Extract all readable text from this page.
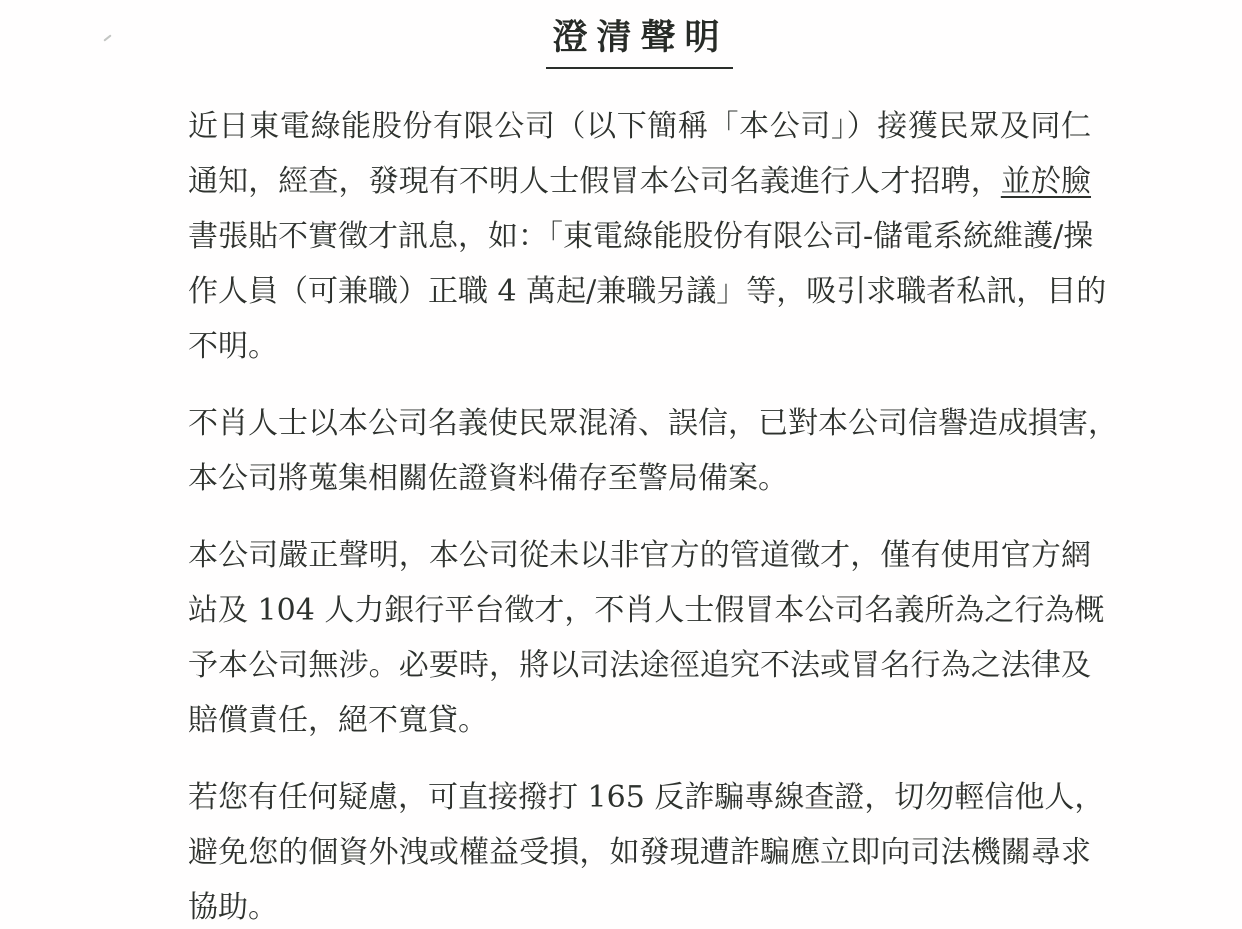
澄清聲明
近日東電綠能股份有限公司（以下簡稱「本公司」）接獲民眾及同仁
通知，經查，發現有不明人士假冒本公司名義進行人才招聘，並於臉
書張貼不實徵才訊息，如：「東電綠能股份有限公司-儲電系統維護/操
作人員（可兼職）正職 4 萬起/兼職另議」等，吸引求職者私訊，目的
不明。
不肖人士以本公司名義使民眾混淆、誤信，已對本公司信譽造成損害，
本公司將蒐集相關佐證資料備存至警局備案。
本公司嚴正聲明，本公司從未以非官方的管道徵才，僅有使用官方網
站及 104 人力銀行平台徵才，不肖人士假冒本公司名義所為之行為概
予本公司無涉。必要時，將以司法途徑追究不法或冒名行為之法律及
賠償責任，絕不寬貸。
若您有任何疑慮，可直接撥打 165 反詐騙專線查證，切勿輕信他人，
避免您的個資外洩或權益受損，如發現遭詐騙應立即向司法機關尋求
協助。
